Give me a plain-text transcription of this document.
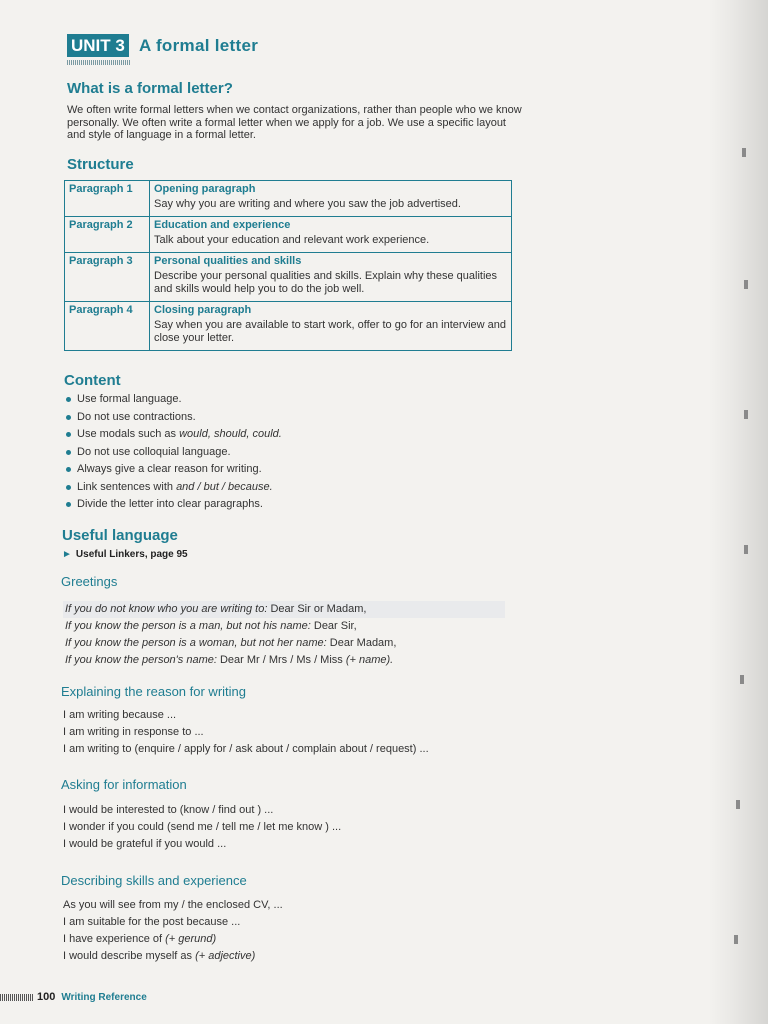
UNIT 3 A formal letter
What is a formal letter?
We often write formal letters when we contact organizations, rather than people who we know personally. We often write a formal letter when we apply for a job. We use a specific layout and style of language in a formal letter.
Structure
Paragraph 1	Opening paragraph
Say why you are writing and where you saw the job advertised.

Paragraph 2	Education and experience
Talk about your education and relevant work experience.

Paragraph 3	Personal qualities and skills
Describe your personal qualities and skills. Explain why these qualities and skills would help you to do the job well.

Paragraph 4	Closing paragraph
Say when you are available to start work, offer to go for an interview and close your letter.
Content
Use formal language.
Do not use contractions.
Use modals such as would, should, could.
Do not use colloquial language.
Always give a clear reason for writing.
Link sentences with and / but / because.
Divide the letter into clear paragraphs.
Useful language
► Useful Linkers, page 95
Greetings
If you do not know who you are writing to: Dear Sir or Madam,
If you know the person is a man, but not his name: Dear Sir,
If you know the person is a woman, but not her name: Dear Madam,
If you know the person's name: Dear Mr / Mrs / Ms / Miss (+ name).
Explaining the reason for writing
I am writing because ...
I am writing in response to ...
I am writing to (enquire / apply for / ask about / complain about / request) ...
Asking for information
I would be interested to (know / find out ) ...
I wonder if you could (send me / tell me / let me know ) ...
I would be grateful if you would ...
Describing skills and experience
As you will see from my / the enclosed CV, ...
I am suitable for the post because ...
I have experience of (+ gerund)
I would describe myself as (+ adjective)
100 Writing Reference
